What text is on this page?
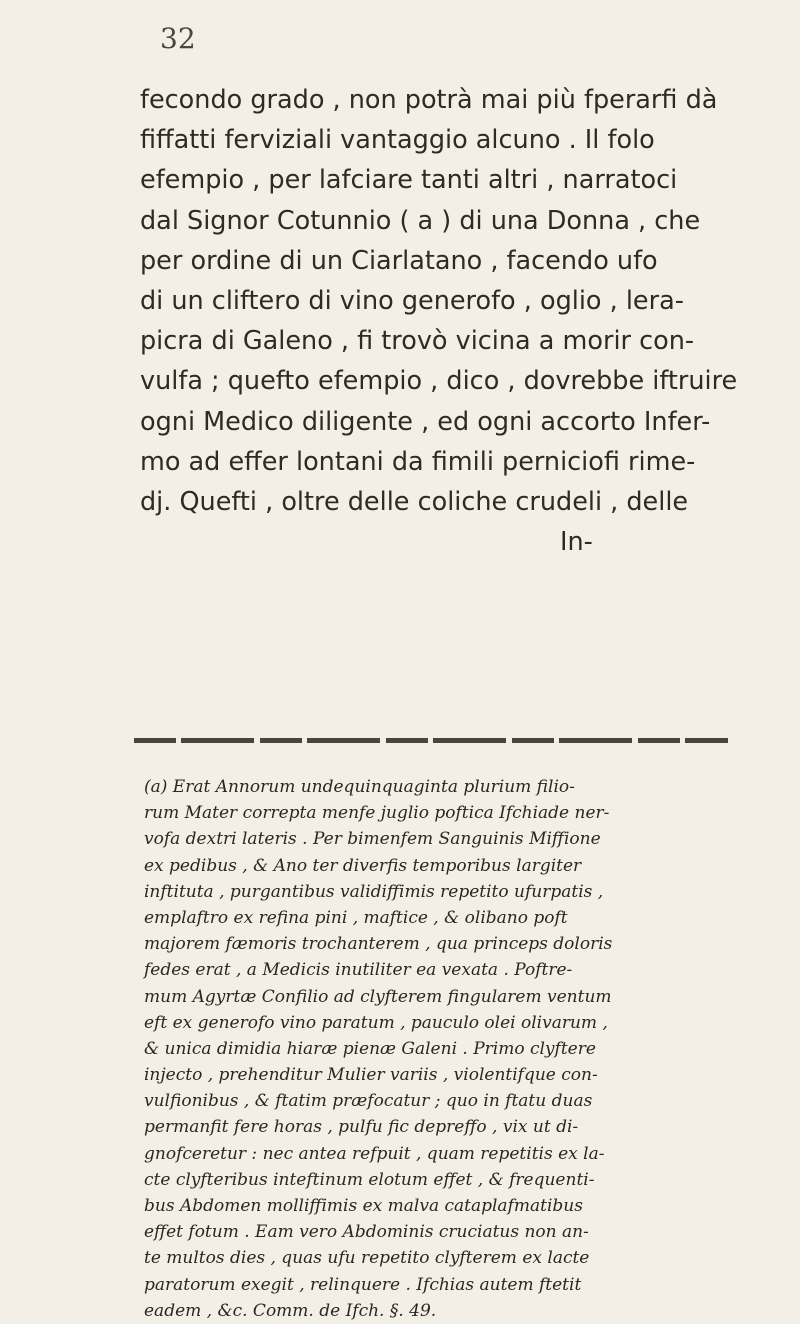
32
fecondo grado , non potrà mai più fperarfi dà
fiffatti ferviziali vantaggio alcuno . Il folo
efempio , per lafciare tanti altri , narratoci
dal Signor Cotunnio ( a ) di una Donna , che
per ordine di un Ciarlatano , facendo ufo
di un clifterо di vino generofo , oglio , lera-
picra di Galeno , fi trovò vicina a morir con-
vulfa ; quefto efempio , dico , dovrebbe iftruire
ogni Medico diligente , ed ogni accorto Infer-
mo ad effer lontani da fimili perniciofi rime-
dj. Quefti , oltre delle coliche crudeli , delle
In-
(a) Erat Annorum undequinquaginta plurium filio-
rum Mater correpta menfe juglio poftica Ifchiade ner-
vofa dextri lateris . Per bimenfem Sanguinis Miffione
ex pedibus , & Ano ter diverfis temporibus largiter
inftituta , purgantibus validiffimis repetito ufurpatis ,
emplaftro ex refina pini , maftice , & olibano poft
majorem fæmoris trochanterem , qua princeps doloris
fedes erat , a Medicis inutiliter ea vexata . Poftre-
mum Agyrtæ Confilio ad clyfterem fingularem ventum
eft ex generofo vino paratum , pauculo olei olivarum ,
& unica dimidia hiaræ pienæ Galeni . Primo clyftere
injecto , prehenditur Mulier variis , violentifque con-
vulfionibus , & ftatim præfocatur ; quo in ftatu duas
permanfit fere horas , pulfu fic depreffo , vix ut di-
gnofceretur : nec antea refpuit , quam repetitis ex la-
cte clyfteribus inteftinum elotum effet , & frequenti-
bus Abdomen molliffimis ex malva cataplafmatibus
effet fotum . Eam vero Abdominis cruciatus non an-
te multos dies , quas ufu repetito clyfterem ex lacte
paratorum exegit , relinquere . Ifchias autem ftetit
eadem , &c. Comm. de Ifch. §. 49.
